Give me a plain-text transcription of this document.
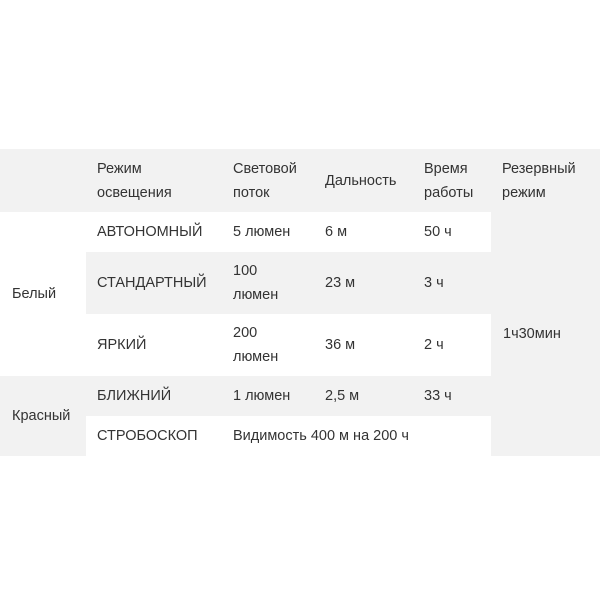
	Режим освещения	Световой поток	Дальность	Время работы	Резервный режим
Белый	АВТОНОМНЫЙ	5 люмен	6 м	50 ч	1ч30мин
	СТАНДАРТНЫЙ	100 люмен	23 м	3 ч	
	ЯРКИЙ	200 люмен	36 м	2 ч	
Красный	БЛИЖНИЙ	1 люмен	2,5 м	33 ч	
	СТРОБОСКОП	Видимость 400 м на 200 ч			
